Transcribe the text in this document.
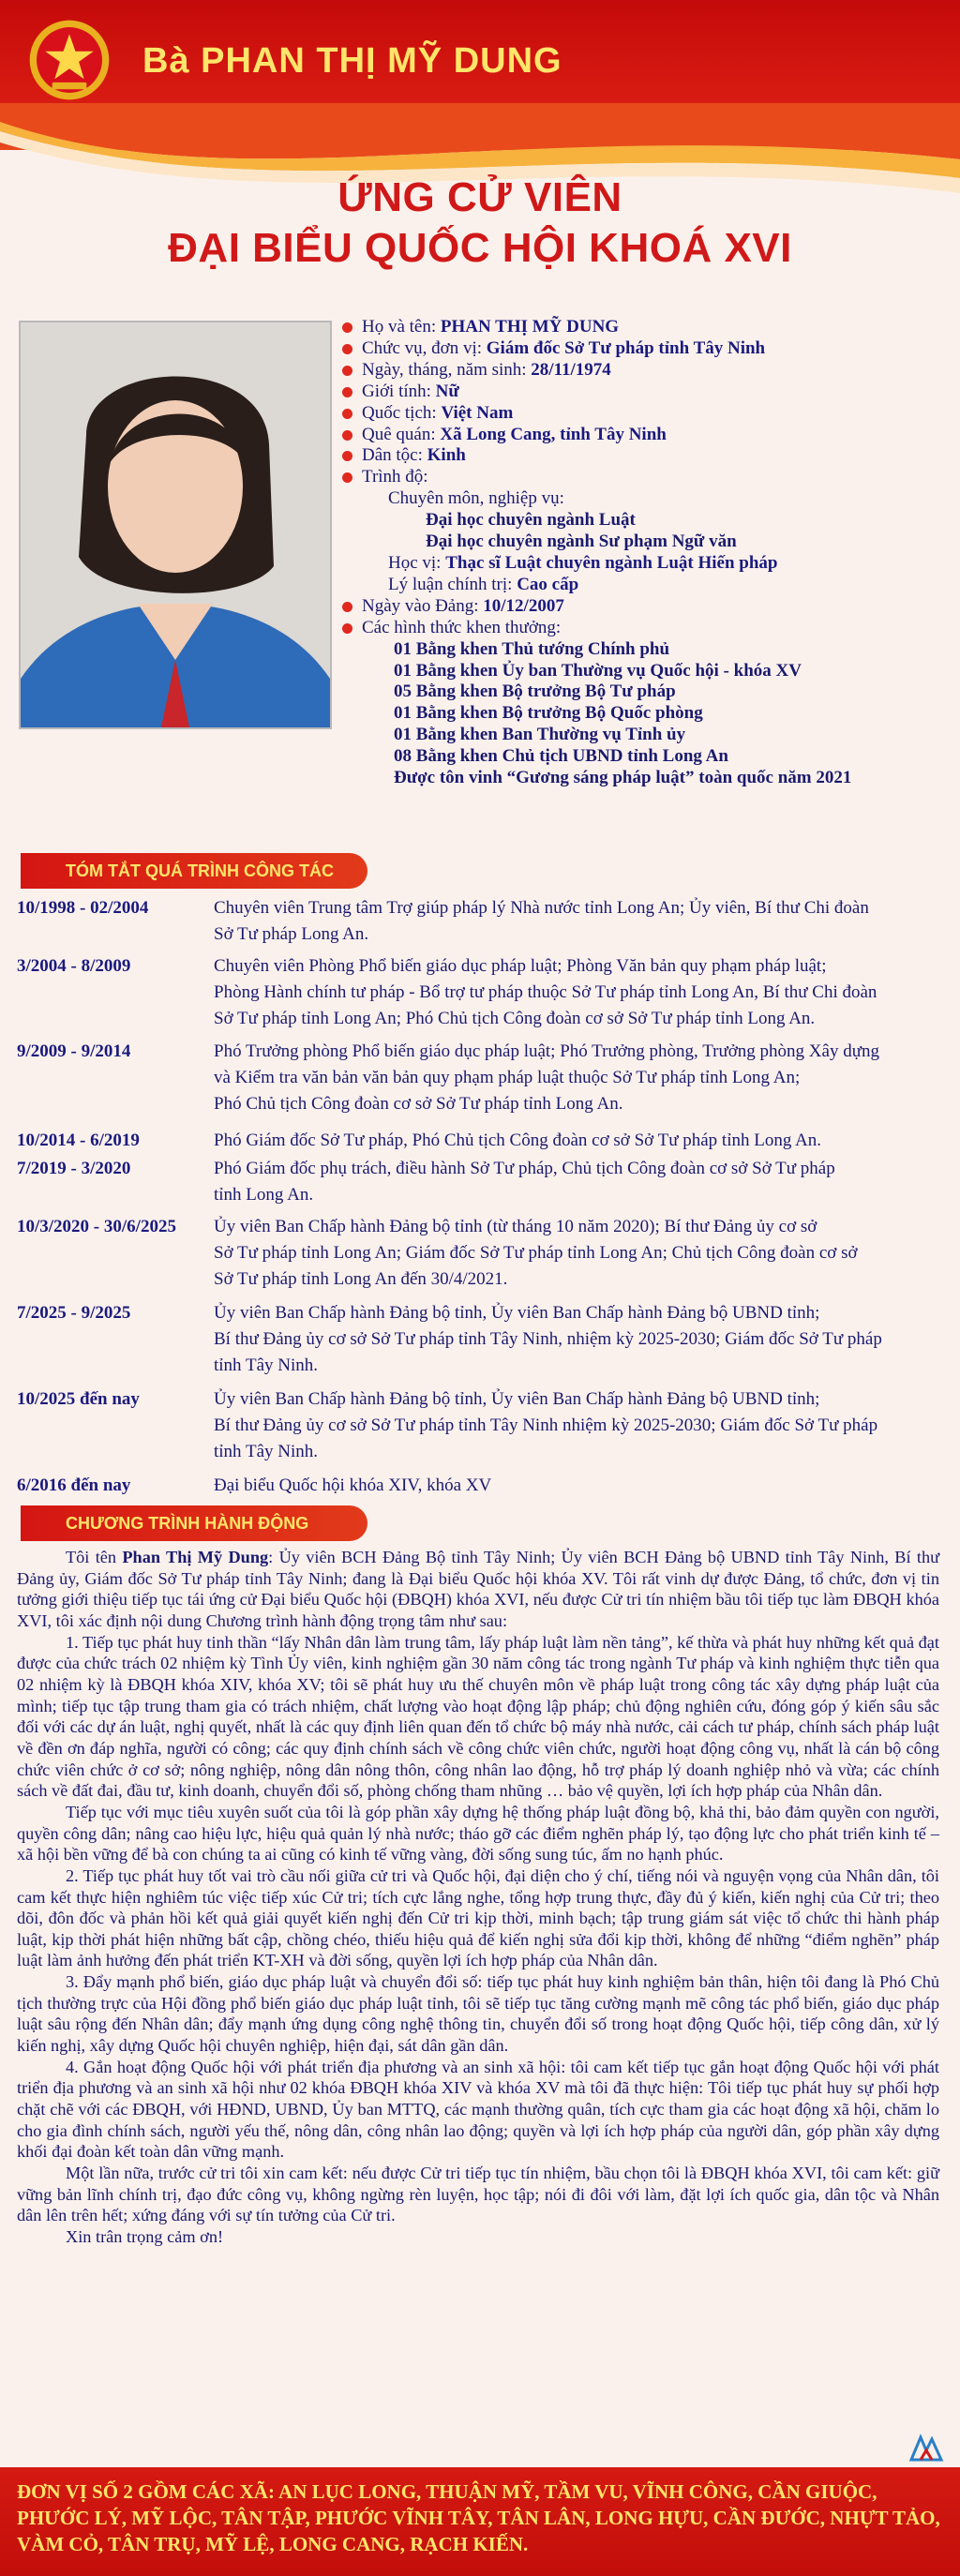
Bà PHAN THỊ MỸ DUNG
ỨNG CỬ VIÊN
ĐẠI BIỂU QUỐC HỘI KHOÁ XVI
Họ và tên: PHAN THỊ MỸ DUNG
Chức vụ, đơn vị: Giám đốc Sở Tư pháp tỉnh Tây Ninh
Ngày, tháng, năm sinh: 28/11/1974
Giới tính: Nữ
Quốc tịch: Việt Nam
Quê quán: Xã Long Cang, tỉnh Tây Ninh
Dân tộc: Kinh
Trình độ:
Chuyên môn, nghiệp vụ:
Đại học chuyên ngành Luật
Đại học chuyên ngành Sư phạm Ngữ văn
Học vị: Thạc sĩ Luật chuyên ngành Luật Hiến pháp
Lý luận chính trị: Cao cấp
Ngày vào Đảng: 10/12/2007
Các hình thức khen thưởng:
01 Bằng khen Thủ tướng Chính phủ
01 Bằng khen Ủy ban Thường vụ Quốc hội - khóa XV
05 Bằng khen Bộ trưởng Bộ Tư pháp
01 Bằng khen Bộ trưởng Bộ Quốc phòng
01 Bằng khen Ban Thường vụ Tỉnh ủy
08 Bằng khen Chủ tịch UBND tỉnh Long An
Được tôn vinh “Gương sáng pháp luật” toàn quốc năm 2021
TÓM TẮT QUÁ TRÌNH CÔNG TÁC
10/1998 - 02/2004	Chuyên viên Trung tâm Trợ giúp pháp lý Nhà nước tỉnh Long An; Ủy viên, Bí thư Chi đoàn
Sở Tư pháp Long An.
3/2004 - 8/2009	Chuyên viên Phòng Phổ biến giáo dục pháp luật; Phòng Văn bản quy phạm pháp luật;
Phòng Hành chính tư pháp - Bổ trợ tư pháp thuộc Sở Tư pháp tỉnh Long An, Bí thư Chi đoàn
Sở Tư pháp tỉnh Long An; Phó Chủ tịch Công đoàn cơ sở Sở Tư pháp tỉnh Long An.
9/2009 - 9/2014	Phó Trưởng phòng Phổ biến giáo dục pháp luật; Phó Trưởng phòng, Trưởng phòng Xây dựng
và Kiểm tra văn bản văn bản quy phạm pháp luật thuộc Sở Tư pháp tỉnh Long An;
Phó Chủ tịch Công đoàn cơ sở Sở Tư pháp tỉnh Long An.
10/2014 - 6/2019	Phó Giám đốc Sở Tư pháp, Phó Chủ tịch Công đoàn cơ sở Sở Tư pháp tỉnh Long An.
7/2019 - 3/2020	Phó Giám đốc phụ trách, điều hành Sở Tư pháp, Chủ tịch Công đoàn cơ sở Sở Tư pháp
tỉnh Long An.
10/3/2020 - 30/6/2025 Ủy viên Ban Chấp hành Đảng bộ tỉnh (từ tháng 10 năm 2020); Bí thư Đảng ủy cơ sở
Sở Tư pháp tỉnh Long An; Giám đốc Sở Tư pháp tỉnh Long An; Chủ tịch Công đoàn cơ sở
Sở Tư pháp tỉnh Long An đến 30/4/2021.
7/2025 - 9/2025	Ủy viên Ban Chấp hành Đảng bộ tỉnh, Ủy viên Ban Chấp hành Đảng bộ UBND tỉnh;
Bí thư Đảng ủy cơ sở Sở Tư pháp tỉnh Tây Ninh, nhiệm kỳ 2025-2030; Giám đốc Sở Tư pháp
tỉnh Tây Ninh.
10/2025 đến nay	Ủy viên Ban Chấp hành Đảng bộ tỉnh, Ủy viên Ban Chấp hành Đảng bộ UBND tỉnh;
Bí thư Đảng ủy cơ sở Sở Tư pháp tỉnh Tây Ninh nhiệm kỳ 2025-2030; Giám đốc Sở Tư pháp
tỉnh Tây Ninh.
6/2016 đến nay	Đại biểu Quốc hội khóa XIV, khóa XV
CHƯƠNG TRÌNH HÀNH ĐỘNG

Tôi tên Phan Thị Mỹ Dung: Ủy viên BCH Đảng Bộ tỉnh Tây Ninh; Ủy viên BCH Đảng bộ UBND tỉnh Tây Ninh, Bí thư Đảng ủy, Giám đốc Sở Tư pháp tỉnh Tây Ninh; đang là Đại biểu Quốc hội khóa XV. Tôi rất vinh dự được Đảng, tổ chức, đơn vị tin tưởng giới thiệu tiếp tục tái ứng cử Đại biểu Quốc hội (ĐBQH) khóa XVI, nếu được Cử tri tín nhiệm bầu tôi tiếp tục làm ĐBQH khóa XVI, tôi xác định nội dung Chương trình hành động trọng tâm như sau:

1. Tiếp tục phát huy tinh thần “lấy Nhân dân làm trung tâm, lấy pháp luật làm nền tảng”, kế thừa và phát huy những kết quả đạt được của chức trách 02 nhiệm kỳ Tình Ủy viên, kinh nghiệm gần 30 năm công tác trong ngành Tư pháp và kinh nghiệm thực tiễn qua 02 nhiệm kỳ là ĐBQH khóa XIV, khóa XV; tôi sẽ phát huy ưu thế chuyên môn về pháp luật trong công tác xây dựng pháp luật của mình; tiếp tục tập trung tham gia có trách nhiệm, chất lượng vào hoạt động lập pháp; chủ động nghiên cứu, đóng góp ý kiến sâu sắc đối với các dự án luật, nghị quyết, nhất là các quy định liên quan đến tổ chức bộ máy nhà nước, cải cách tư pháp, chính sách pháp luật về đền ơn đáp nghĩa, người có công; các quy định chính sách về công chức viên chức, người hoạt động công vụ, nhất là cán bộ công chức viên chức ở cơ sở; nông nghiệp, nông dân nông thôn, công nhân lao động, hỗ trợ pháp lý doanh nghiệp nhỏ và vừa; các chính sách về đất đai, đầu tư, kinh doanh, chuyển đổi số, phòng chống tham nhũng … bảo vệ quyền, lợi ích hợp pháp của Nhân dân.

Tiếp tục với mục tiêu xuyên suốt của tôi là góp phần xây dựng hệ thống pháp luật đồng bộ, khả thi, bảo đảm quyền con người, quyền công dân; nâng cao hiệu lực, hiệu quả quản lý nhà nước; tháo gỡ các điểm nghẽn pháp lý, tạo động lực cho phát triển kinh tế – xã hội bền vững để bà con chúng ta ai cũng có kinh tế vững vàng, đời sống sung túc, ấm no hạnh phúc.

2. Tiếp tục phát huy tốt vai trò cầu nối giữa cử tri và Quốc hội, đại diện cho ý chí, tiếng nói và nguyện vọng của Nhân dân, tôi cam kết thực hiện nghiêm túc việc tiếp xúc Cử tri; tích cực lắng nghe, tổng hợp trung thực, đầy đủ ý kiến, kiến nghị của Cử tri; theo dõi, đôn đốc và phản hồi kết quả giải quyết kiến nghị đến Cử tri kịp thời, minh bạch; tập trung giám sát việc tổ chức thi hành pháp luật, kịp thời phát hiện những bất cập, chồng chéo, thiếu hiệu quả để kiến nghị sửa đổi kịp thời, không để những “điểm nghẽn” pháp luật làm ảnh hưởng đến phát triển KT-XH và đời sống, quyền lợi ích hợp pháp của Nhân dân.

3. Đẩy mạnh phổ biến, giáo dục pháp luật và chuyển đổi số: tiếp tục phát huy kinh nghiệm bản thân, hiện tôi đang là Phó Chủ tịch thường trực của Hội đồng phổ biến giáo dục pháp luật tỉnh, tôi sẽ tiếp tục tăng cường mạnh mẽ công tác phổ biến, giáo dục pháp luật sâu rộng đến Nhân dân; đẩy mạnh ứng dụng công nghệ thông tin, chuyển đổi số trong hoạt động Quốc hội, tiếp công dân, xử lý kiến nghị, xây dựng Quốc hội chuyên nghiệp, hiện đại, sát dân gần dân.

4. Gắn hoạt động Quốc hội với phát triển địa phương và an sinh xã hội: tôi cam kết tiếp tục gắn hoạt động Quốc hội với phát triển địa phương và an sinh xã hội như 02 khóa ĐBQH khóa XIV và khóa XV mà tôi đã thực hiện: Tôi tiếp tục phát huy sự phối hợp chặt chẽ với các ĐBQH, với HĐND, UBND, Ủy ban MTTQ, các mạnh thường quân, tích cực tham gia các hoạt động xã hội, chăm lo cho gia đình chính sách, người yếu thế, nông dân, công nhân lao động; quyền và lợi ích hợp pháp của người dân, góp phần xây dựng khối đại đoàn kết toàn dân vững mạnh.

Một lần nữa, trước cử tri tôi xin cam kết: nếu được Cử tri tiếp tục tín nhiệm, bầu chọn tôi là ĐBQH khóa XVI, tôi cam kết: giữ vững bản lĩnh chính trị, đạo đức công vụ, không ngừng rèn luyện, học tập; nói đi đôi với làm, đặt lợi ích quốc gia, dân tộc và Nhân dân lên trên hết; xứng đáng với sự tín tưởng của Cử tri.

Xin trân trọng cảm ơn!

ĐƠN VỊ SỐ 2 GỒM CÁC XÃ: AN LỤC LONG, THUẬN MỸ, TẦM VU, VĨNH CÔNG, CẦN GIUỘC, PHƯỚC LÝ, MỸ LỘC, TÂN TẬP, PHƯỚC VĨNH TÂY, TÂN LÂN, LONG HỰU, CẦN ĐƯỚC, NHỰT TẢO, VÀM CỎ, TÂN TRỤ, MỸ LỆ, LONG CANG, RẠCH KIẾN.
